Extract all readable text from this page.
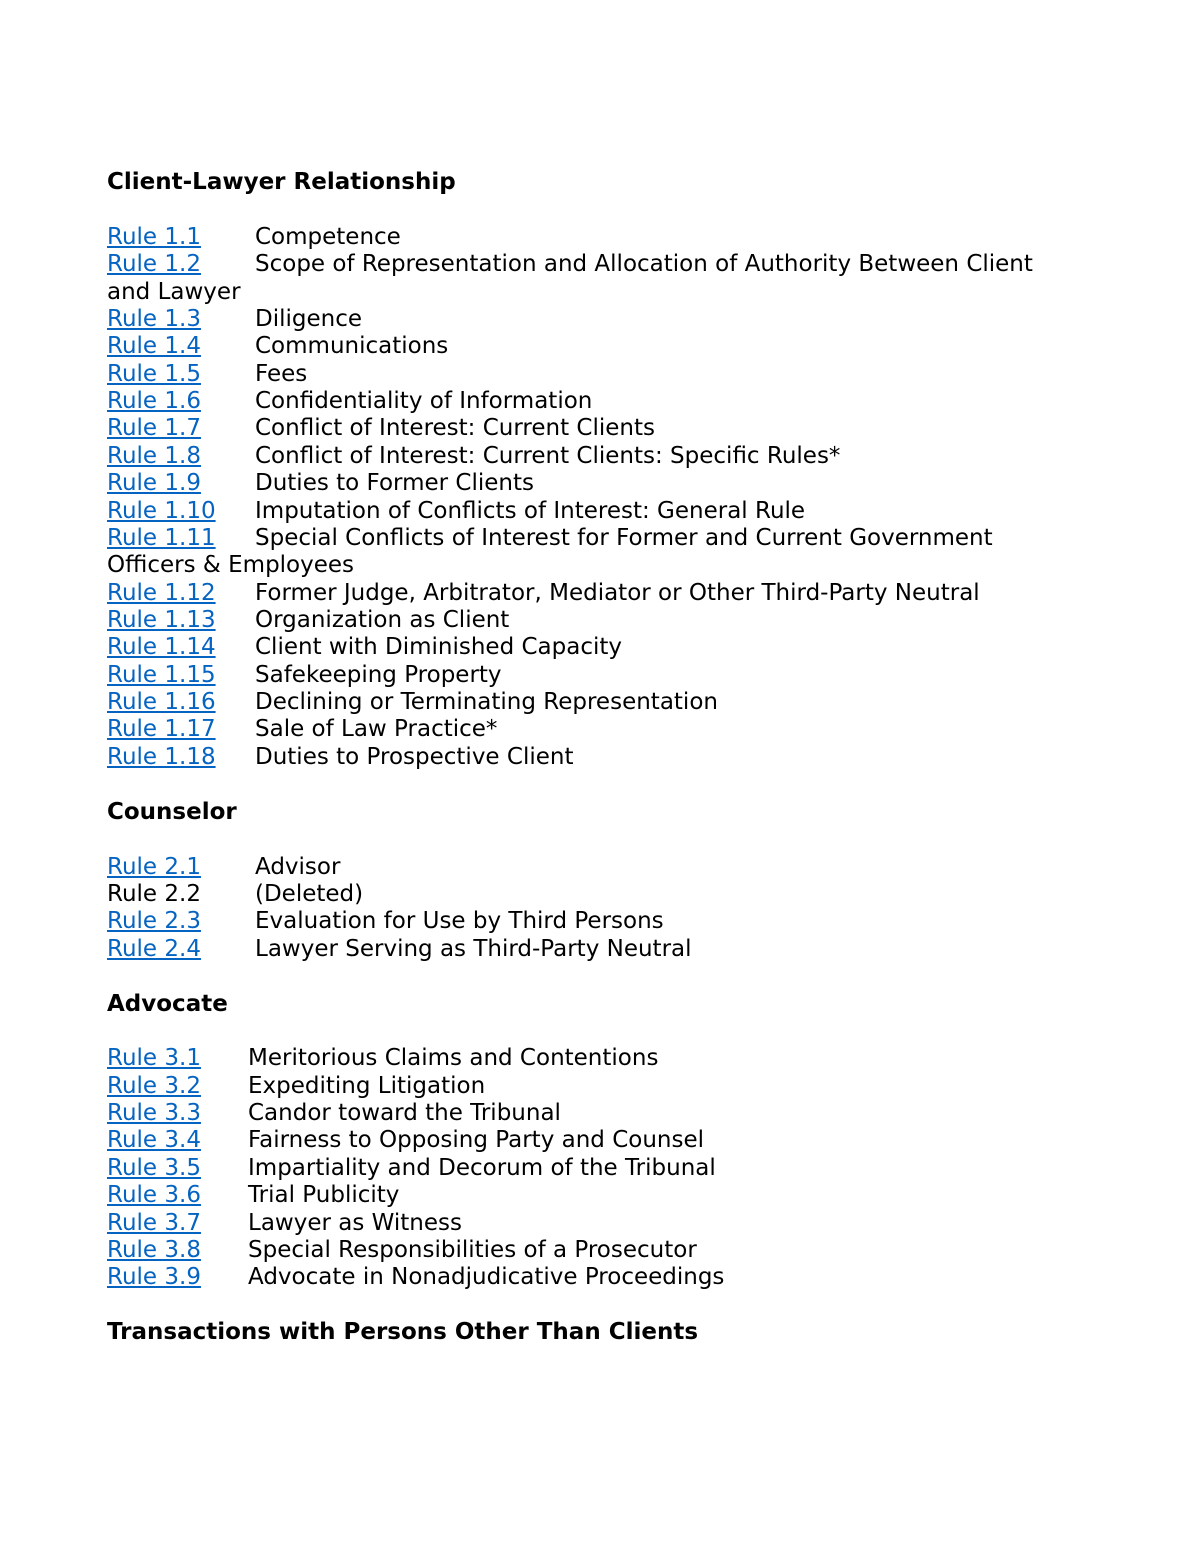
Client-Lawyer Relationship
Rule 1.1 Competence
Rule 1.2 Scope of Representation and Allocation of Authority Between Client
and Lawyer
Rule 1.3 Diligence
Rule 1.4 Communications
Rule 1.5 Fees
Rule 1.6 Confidentiality of Information
Rule 1.7 Conflict of Interest: Current Clients
Rule 1.8 Conflict of Interest: Current Clients: Specific Rules*
Rule 1.9 Duties to Former Clients
Rule 1.10 Imputation of Conflicts of Interest: General Rule
Rule 1.11 Special Conflicts of Interest for Former and Current Government
Officers & Employees
Rule 1.12 Former Judge, Arbitrator, Mediator or Other Third-Party Neutral
Rule 1.13 Organization as Client
Rule 1.14 Client with Diminished Capacity
Rule 1.15 Safekeeping Property
Rule 1.16 Declining or Terminating Representation
Rule 1.17 Sale of Law Practice*
Rule 1.18 Duties to Prospective Client
Counselor
Rule 2.1 Advisor
Rule 2.2 (Deleted)
Rule 2.3 Evaluation for Use by Third Persons
Rule 2.4 Lawyer Serving as Third-Party Neutral
Advocate
Rule 3.1 Meritorious Claims and Contentions
Rule 3.2 Expediting Litigation
Rule 3.3 Candor toward the Tribunal
Rule 3.4 Fairness to Opposing Party and Counsel
Rule 3.5 Impartiality and Decorum of the Tribunal
Rule 3.6 Trial Publicity
Rule 3.7 Lawyer as Witness
Rule 3.8 Special Responsibilities of a Prosecutor
Rule 3.9 Advocate in Nonadjudicative Proceedings
Transactions with Persons Other Than Clients
